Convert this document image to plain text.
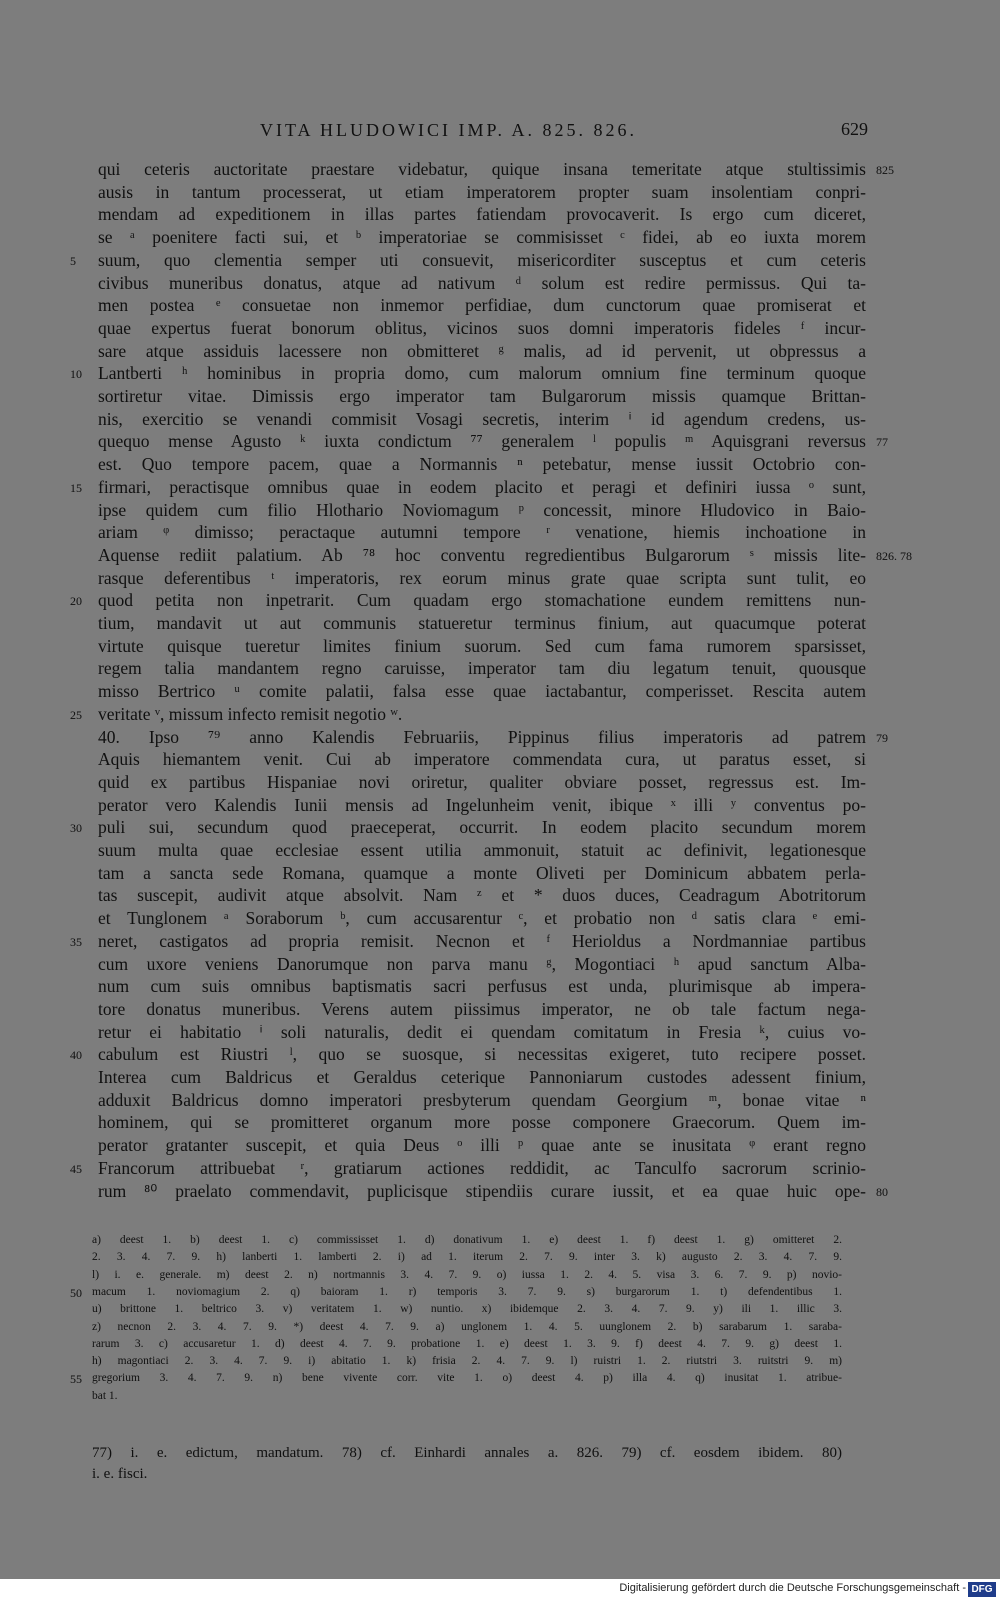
VITA HLUDOWICI IMP. A. 825. 826.	629
qui ceteris auctoritate praestare videbatur, quique insana temeritate atque stultissimis 825
ausis in tantum processerat, ut etiam imperatorem propter suam insolentiam conpri-
mendam ad expeditionem in illas partes fatiendam provocaverit. Is ergo cum diceret,
se ᵃ poenitere facti sui, et ᵇ imperatoriae se commisisset ᶜ fidei, ab eo iuxta morem
suum, quo clementia semper uti consuevit, misericorditer susceptus et cum ceteris
5
civibus muneribus donatus, atque ad nativum ᵈ solum est redire permissus. Qui ta-
men postea ᵉ consuetae non inmemor perfidiae, dum cunctorum quae promiserat et
quae expertus fuerat bonorum oblitus, vicinos suos domni imperatoris fideles ᶠ incur-
sare atque assiduis lacessere non obmitteret ᵍ malis, ad id pervenit, ut obpressus a
Lantberti ʰ hominibus in propria domo, cum malorum omnium fine terminum quoque
10
sortiretur vitae. Dimissis ergo imperator tam Bulgarorum missis quamque Brittan-
nis, exercitio se venandi commisit Vosagi secretis, interim ⁱ id agendum credens, us-
quequo mense Agusto ᵏ iuxta condictum ⁷⁷ generalem ˡ populis ᵐ Aquisgrani reversus 77
est. Quo tempore pacem, quae a Normannis ⁿ petebatur, mense iussit Octobrio con-
firmari, peractisque omnibus quae in eodem placito et peragi et definiri iussa ᵒ sunt,
15
ipse quidem cum filio Hlothario Noviomagum ᵖ concessit, minore Hludovico in Baio-
ariam ᵠ dimisso; peractaque autumni tempore ʳ venatione, hiemis inchoatione in
Aquense rediit palatium. Ab ⁷⁸ hoc conventu regredientibus Bulgarorum ˢ missis lite- 826. 78
rasque deferentibus ᵗ imperatoris, rex eorum minus grate quae scripta sunt tulit, eo
quod petita non inpetrarit. Cum quadam ergo stomachatione eundem remittens nun-
20
tium, mandavit ut aut communis statueretur terminus finium, aut quacumque poterat
virtute quisque tueretur limites finium suorum. Sed cum fama rumorem sparsisset,
regem talia mandantem regno caruisse, imperator tam diu legatum tenuit, quousque
misso Bertrico ᵘ comite palatii, falsa esse quae iactabantur, comperisset. Rescita autem
veritate ᵛ, missum infecto remisit negotio ʷ.
25
40. Ipso ⁷⁹ anno Kalendis Februariis, Pippinus filius imperatoris ad patrem 79
Aquis hiemantem venit. Cui ab imperatore commendata cura, ut paratus esset, si
quid ex partibus Hispaniae novi oriretur, qualiter obviare posset, regressus est. Im-
perator vero Kalendis Iunii mensis ad Ingelunheim venit, ibique ˣ illi ʸ conventus po-
puli sui, secundum quod praeceperat, occurrit. In eodem placito secundum morem
30
suum multa quae ecclesiae essent utilia ammonuit, statuit ac definivit, legationesque
tam a sancta sede Romana, quamque a monte Oliveti per Dominicum abbatem perla-
tas suscepit, audivit atque absolvit. Nam ᶻ et * duos duces, Ceadragum Abotritorum
et Tunglonem ᵃ Soraborum ᵇ, cum accusarentur ᶜ, et probatio non ᵈ satis clara ᵉ emi-
neret, castigatos ad propria remisit. Necnon et ᶠ Herioldus a Nordmanniae partibus
35
cum uxore veniens Danorumque non parva manu ᵍ, Mogontiaci ʰ apud sanctum Alba-
num cum suis omnibus baptismatis sacri perfusus est unda, plurimisque ab impera-
tore donatus muneribus. Verens autem piissimus imperator, ne ob tale factum nega-
retur ei habitatio ⁱ soli naturalis, dedit ei quendam comitatum in Fresia ᵏ, cuius vo-
cabulum est Riustri ˡ, quo se suosque, si necessitas exigeret, tuto recipere posset.
40
Interea cum Baldricus et Geraldus ceterique Pannoniarum custodes adessent finium,
adduxit Baldricus domno imperatori presbyterum quendam Georgium ᵐ, bonae vitae ⁿ
hominem, qui se promitteret organum more posse componere Graecorum. Quem im-
perator gratanter suscepit, et quia Deus ᵒ illi ᵖ quae ante se inusitata ᵠ erant regno
Francorum attribuebat ʳ, gratiarum actiones reddidit, ac Tanculfo sacrorum scrinio-
45
rum ⁸⁰ praelato commendavit, puplicisque stipendiis curare iussit, et ea quae huic ope- 80
a) deest 1. b) deest 1. c) commississet 1. d) donativum 1. e) deest 1. f) deest 1. g) omitteret 2.
2. 3. 4. 7. 9. h) lanberti 1. lamberti 2. i) ad 1. iterum 2. 7. 9. inter 3. k) augusto 2. 3. 4. 7. 9.
l) i. e. generale. m) deest 2. n) nortmannis 3. 4. 7. 9. o) iussa 1. 2. 4. 5. visa 3. 6. 7. 9. p) novio-
macum 1. noviomagium 2. q) baioram 1. r) temporis 3. 7. 9. s) burgarorum 1. t) defendentibus 1.
50
u) brittone 1. beltrico 3. v) veritatem 1. w) nuntio. x) ibidemque 2. 3. 4. 7. 9. y) ili 1. illic 3.
z) necnon 2. 3. 4. 7. 9. *) deest 4. 7. 9. a) unglonem 1. 4. 5. uunglonem 2. b) sarabarum 1. saraba-
rarum 3. c) accusaretur 1. d) deest 4. 7. 9. probatione 1. e) deest 1. 3. 9. f) deest 4. 7. 9. g) deest 1.
h) magontiaci 2. 3. 4. 7. 9. i) abitatio 1. k) frisia 2. 4. 7. 9. l) ruistri 1. 2. riutstri 3. ruitstri 9. m)
gregorium 3. 4. 7. 9. n) bene vivente corr. vite 1. o) deest 4. p) illa 4. q) inusitat 1. atribue-
55
bat 1.
77) i. e. edictum, mandatum. 78) cf. Einhardi annales a. 826. 79) cf. eosdem ibidem. 80)
i. e. fisci.
Digitalisierung gefördert durch die Deutsche Forschungsgemeinschaft - DFG
